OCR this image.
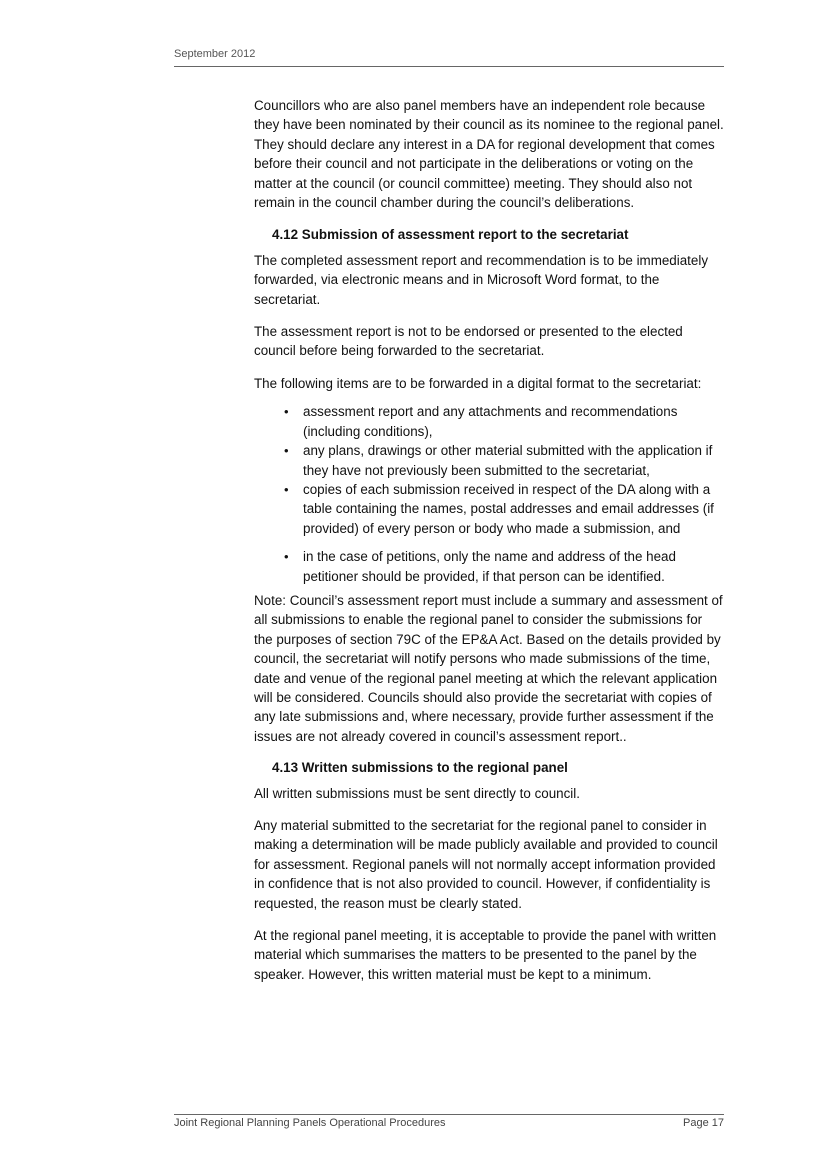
September 2012

Councillors who are also panel members have an independent role because they have been nominated by their council as its nominee to the regional panel. They should declare any interest in a DA for regional development that comes before their council and not participate in the deliberations or voting on the matter at the council (or council committee) meeting. They should also not remain in the council chamber during the council’s deliberations.

4.12 Submission of assessment report to the secretariat

The completed assessment report and recommendation is to be immediately forwarded, via electronic means and in Microsoft Word format, to the secretariat.

The assessment report is not to be endorsed or presented to the elected council before being forwarded to the secretariat.

The following items are to be forwarded in a digital format to the secretariat:

• assessment report and any attachments and recommendations (including conditions),
• any plans, drawings or other material submitted with the application if they have not previously been submitted to the secretariat,
• copies of each submission received in respect of the DA along with a table containing the names, postal addresses and email addresses (if provided) of every person or body who made a submission, and
• in the case of petitions, only the name and address of the head petitioner should be provided, if that person can be identified.

Note: Council’s assessment report must include a summary and assessment of all submissions to enable the regional panel to consider the submissions for the purposes of section 79C of the EP&A Act. Based on the details provided by council, the secretariat will notify persons who made submissions of the time, date and venue of the regional panel meeting at which the relevant application will be considered. Councils should also provide the secretariat with copies of any late submissions and, where necessary, provide further assessment if the issues are not already covered in council’s assessment report..

4.13 Written submissions to the regional panel

All written submissions must be sent directly to council.

Any material submitted to the secretariat for the regional panel to consider in making a determination will be made publicly available and provided to council for assessment. Regional panels will not normally accept information provided in confidence that is not also provided to council. However, if confidentiality is requested, the reason must be clearly stated.

At the regional panel meeting, it is acceptable to provide the panel with written material which summarises the matters to be presented to the panel by the speaker. However, this written material must be kept to a minimum.

Joint Regional Planning Panels Operational Procedures	Page 17
